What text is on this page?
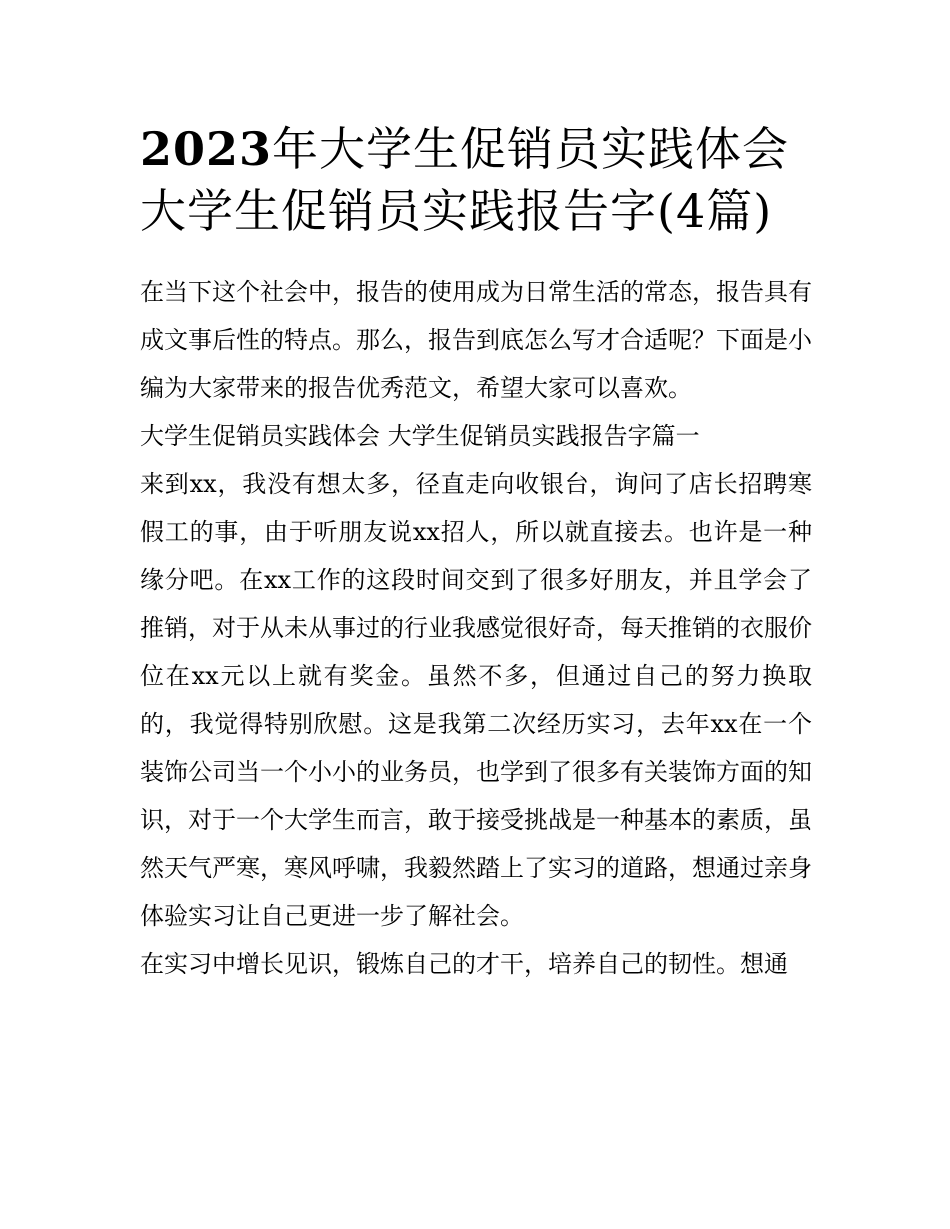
2023年大学生促销员实践体会大学生促销员实践报告字(4篇)

在当下这个社会中，报告的使用成为日常生活的常态，报告具有成文事后性的特点。那么，报告到底怎么写才合适呢？下面是小编为大家带来的报告优秀范文，希望大家可以喜欢。

大学生促销员实践体会 大学生促销员实践报告字篇一

来到xx，我没有想太多，径直走向收银台，询问了店长招聘寒假工的事，由于听朋友说xx招人，所以就直接去。也许是一种缘分吧。在xx工作的这段时间交到了很多好朋友，并且学会了推销，对于从未从事过的行业我感觉很好奇，每天推销的衣服价位在xx元以上就有奖金。虽然不多，但通过自己的努力换取的，我觉得特别欣慰。这是我第二次经历实习，去年xx在一个装饰公司当一个小小的业务员，也学到了很多有关装饰方面的知识，对于一个大学生而言，敢于接受挑战是一种基本的素质，虽然天气严寒，寒风呼啸，我毅然踏上了实习的道路，想通过亲身体验实习让自己更进一步了解社会。

在实习中增长见识，锻炼自己的才干，培养自己的韧性。想通
